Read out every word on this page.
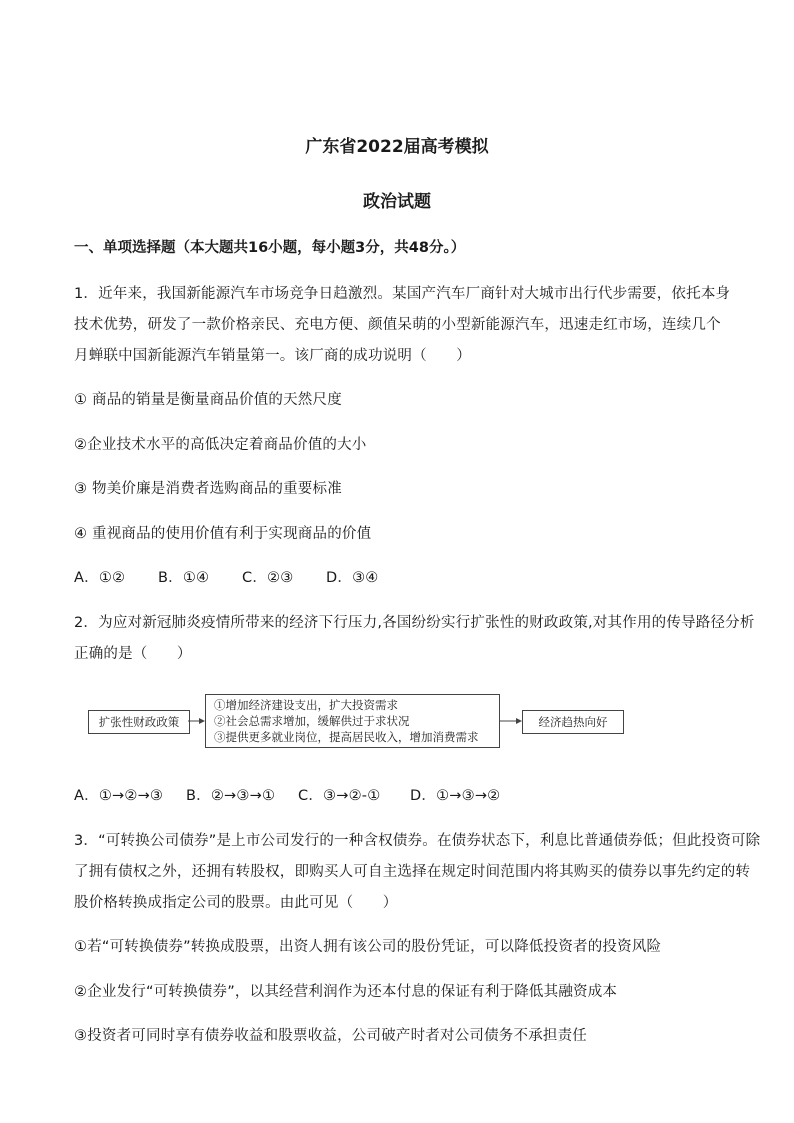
广东省2022届高考模拟
政治试题
一、单项选择题（本大题共16小题，每小题3分，共48分。）
1．近年来，我国新能源汽车市场竞争日趋激烈。某国产汽车厂商针对大城市出行代步需要，依托本身
技术优势，研发了一款价格亲民、充电方便、颜值呆萌的小型新能源汽车，迅速走红市场，连续几个
月蝉联中国新能源汽车销量第一。该厂商的成功说明（　　）
① 商品的销量是衡量商品价值的天然尺度
②企业技术水平的高低决定着商品价值的大小
③ 物美价廉是消费者选购商品的重要标准
④ 重视商品的使用价值有利于实现商品的价值
A．①② B．①④ C．②③ D．③④
2．为应对新冠肺炎疫情所带来的经济下行压力,各国纷纷实行扩张性的财政政策,对其作用的传导路径分析
正确的是（　　）
扩张性财政政策
①增加经济建设支出，扩大投资需求
②社会总需求增加，缓解供过于求状况
③提供更多就业岗位，提高居民收入，增加消费需求
经济趋热向好
A．①→②→③ B．②→③→① C．③→②-① D．①→③→②
3．“可转换公司债券”是上市公司发行的一种含权债券。在债券状态下，利息比普通债券低；但此投资可除
了拥有债权之外，还拥有转股权，即购买人可自主选择在规定时间范围内将其购买的债券以事先约定的转
股价格转换成指定公司的股票。由此可见（　　）
①若“可转换债券”转换成股票，出资人拥有该公司的股份凭证，可以降低投资者的投资风险
②企业发行“可转换债券”，以其经营利润作为还本付息的保证有利于降低其融资成本
③投资者可同时享有债券收益和股票收益，公司破产时者对公司债务不承担责任
